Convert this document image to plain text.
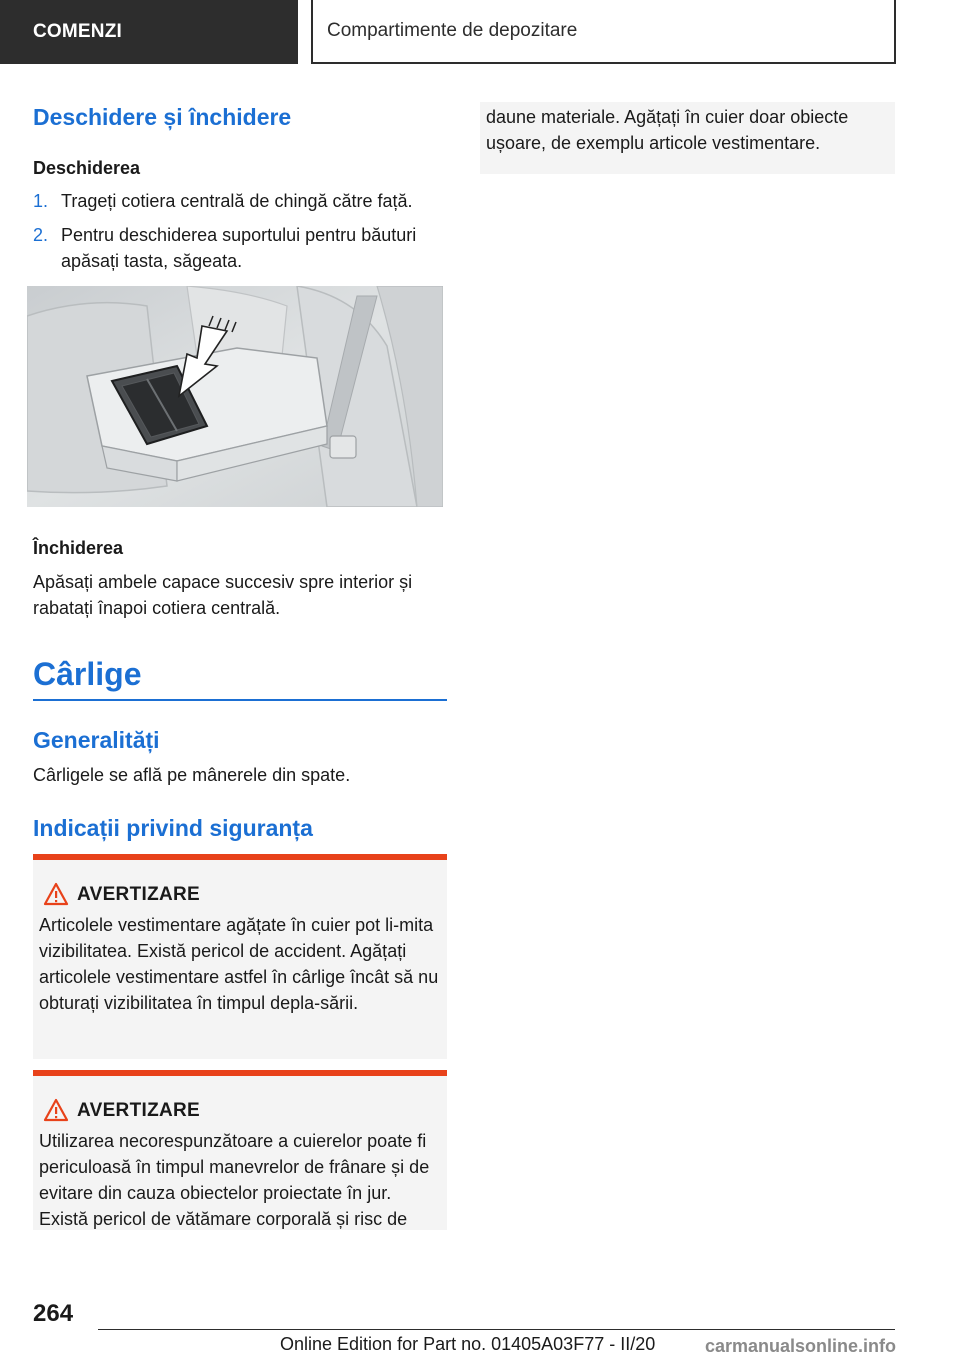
COMENZI	Compartimente de depozitare
Deschidere și închidere
Deschiderea
1. Trageți cotiera centrală de chingă către față.
2. Pentru deschiderea suportului pentru băuturi apăsați tasta, săgeata.
Închiderea
Apăsați ambele capace succesiv spre interior și rabatați înapoi cotiera centrală.
Cârlige
Generalități
Cârligele se află pe mânerele din spate.
Indicații privind siguranța
AVERTIZARE
Articolele vestimentare agățate în cuier pot li-mita vizibilitatea. Există pericol de accident. Agățați articolele vestimentare astfel în cârlige încât să nu obturați vizibilitatea în timpul depla-sării.
AVERTIZARE
Utilizarea necorespunzătoare a cuierelor poate fi periculoasă în timpul manevrelor de frânare și de evitare din cauza obiectelor proiectate în jur. Există pericol de vătămare corporală și risc de
daune materiale. Agățați în cuier doar obiecte ușoare, de exemplu articole vestimentare.
264
Online Edition for Part no. 01405A03F77 - II/20	carmanualsonline.info
